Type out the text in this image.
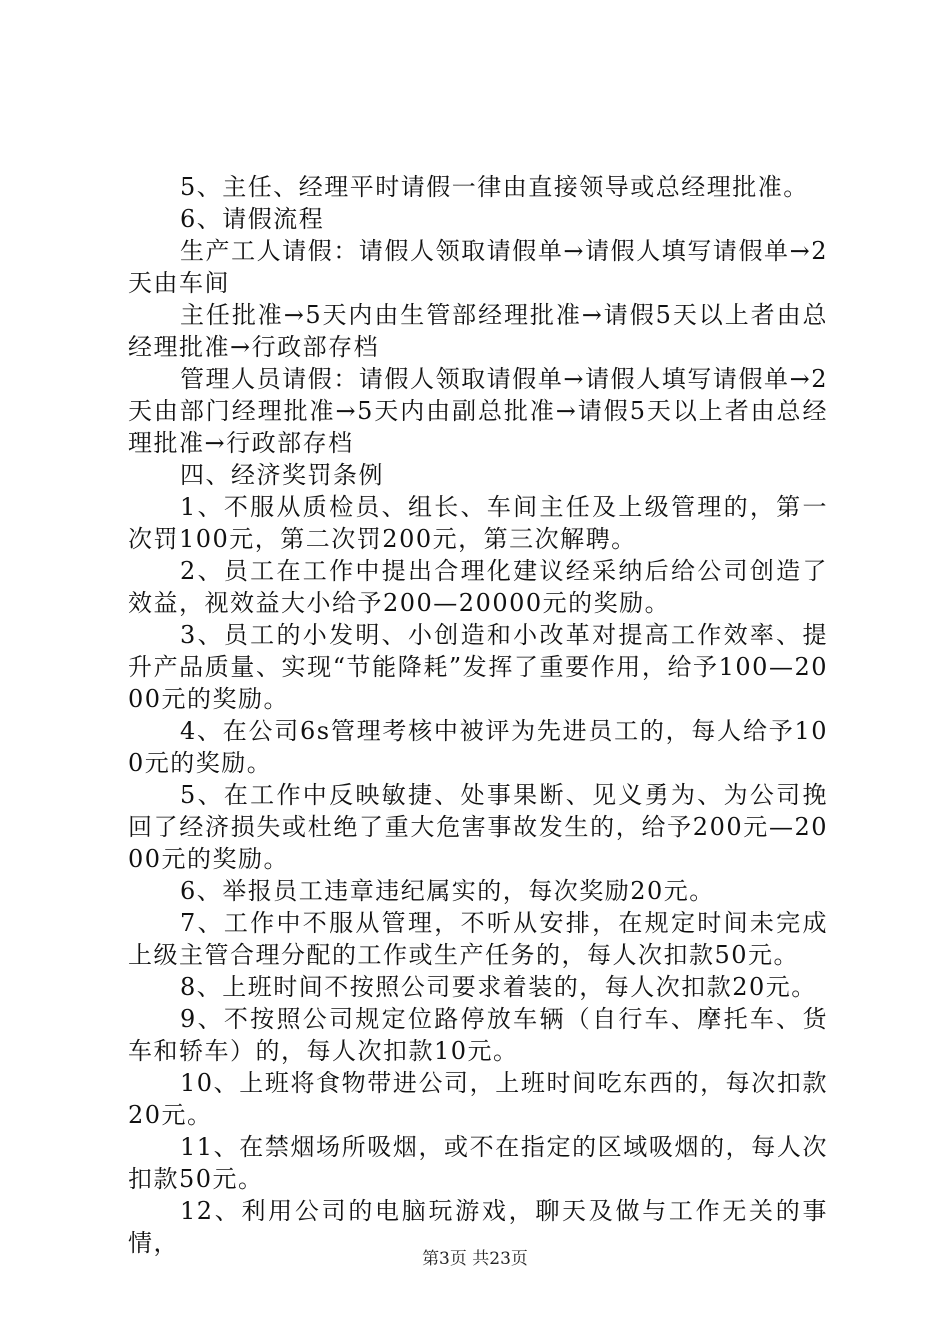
5、主任、经理平时请假一律由直接领导或总经理批准。

6、请假流程

生产工人请假：请假人领取请假单→请假人填写请假单→2天由车间

主任批准→5天内由生管部经理批准→请假5天以上者由总经理批准→行政部存档

管理人员请假：请假人领取请假单→请假人填写请假单→2天由部门经理批准→5天内由副总批准→请假5天以上者由总经理批准→行政部存档

四、经济奖罚条例

1、不服从质检员、组长、车间主任及上级管理的，第一次罚100元，第二次罚200元，第三次解聘。

2、员工在工作中提出合理化建议经采纳后给公司创造了效益，视效益大小给予200—20000元的奖励。

3、员工的小发明、小创造和小改革对提高工作效率、提升产品质量、实现“节能降耗”发挥了重要作用，给予100—2000元的奖励。

4、在公司6s管理考核中被评为先进员工的，每人给予100元的奖励。

5、在工作中反映敏捷、处事果断、见义勇为、为公司挽回了经济损失或杜绝了重大危害事故发生的，给予200元—2000元的奖励。

6、举报员工违章违纪属实的，每次奖励20元。

7、工作中不服从管理，不听从安排，在规定时间未完成上级主管合理分配的工作或生产任务的，每人次扣款50元。

8、上班时间不按照公司要求着装的，每人次扣款20元。

9、不按照公司规定位路停放车辆（自行车、摩托车、货车和轿车）的，每人次扣款10元。

10、上班将食物带进公司，上班时间吃东西的，每次扣款20元。

11、在禁烟场所吸烟，或不在指定的区域吸烟的，每人次扣款50元。

12、利用公司的电脑玩游戏，聊天及做与工作无关的事情，

第3页 共23页
